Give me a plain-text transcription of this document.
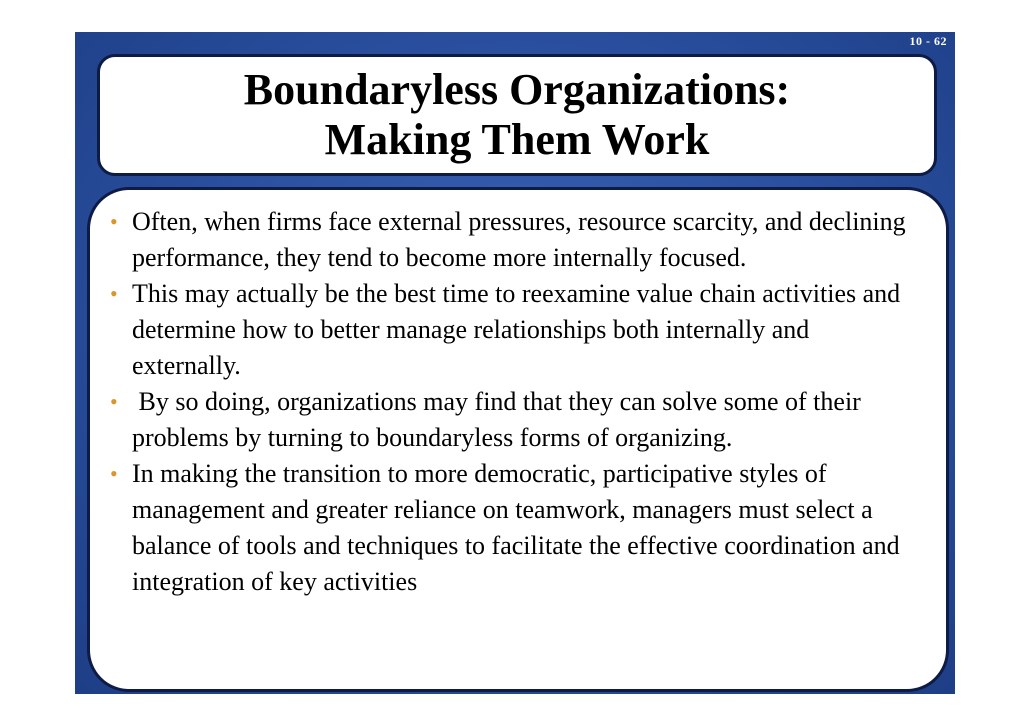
10 - 62
Boundaryless Organizations:
Making Them Work
• Often, when firms face external pressures, resource scarcity, and declining performance, they tend to become more internally focused.
• This may actually be the best time to reexamine value chain activities and determine how to better manage relationships both internally and externally.
• By so doing, organizations may find that they can solve some of their problems by turning to boundaryless forms of organizing.
• In making the transition to more democratic, participative styles of management and greater reliance on teamwork, managers must select a balance of tools and techniques to facilitate the effective coordination and integration of key activities
